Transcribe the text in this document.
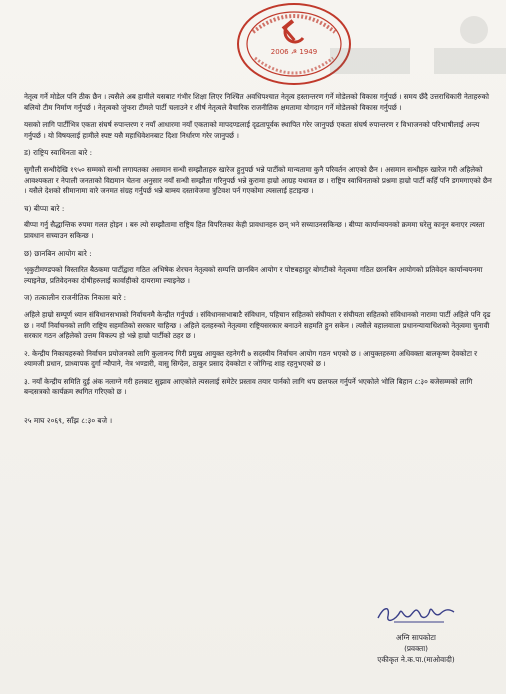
2006 ☭ 1949

नेतृत्व गर्ने मोडेल पनि ठीक छैन । त्यसैले अब हामीले यसबाट गंभीर शिक्षा लिएर निश्चित अवधिपश्चात नेतृत्व हस्तान्तरण गर्ने मोडेलको विकास गर्नुपर्छ । समय छँदै उत्तराधिकारी नेताहरुको बलियो टीम निर्माण गर्नुपर्छ । नेतृत्वको जुंफरा टीमले पार्टी चलाउने र शीर्ष नेतृत्वले वैचारिक राजनीतिक क्षमतामा योगदान गर्ने मोडेलको विकास गर्नुपर्छ ।

यसको लागि पार्टीभित्र एकता संघर्ष रुपान्तरण र नयाँ आधारमा नयाँ एकताको मापदण्डलाई दृढतापूर्वक स्थापित गरेर जानुपर्छ एकता संघर्ष रुपान्तरण र विभाजनको परिभाषीलाई अन्त्य गर्नुपर्छ । यो विषयलाई हामीले स्पष्ट यसै महाधिवेशनबाट दिशा निर्धारण गरेर जानुपर्छ ।

ड) राष्ट्रिय स्वाधिनता बारे :

सुगौली सन्धीदेखि १९५० सम्मको सन्धी लगायतका असमान सन्धी सम्झौताहरु खारेज हुनुपर्छ भन्ने पार्टीको मान्यतामा कुनै परिवर्तन आएको छैन । असमान सन्धीहरु खारेज गरी अहिलेको आवश्यकता र नेपाली जनताको विद्यमान चेतना अनुसार नयाँ सन्धी सम्झौता गरिनुपर्छ भन्ने कुरामा हाम्रो आग्रह यथावत छ । राष्ट्रिय स्वाधिनताको प्रश्नमा हाम्रो पार्टी कहिँ पनि डगमगाएको छैन । यसैले देशको सीमानामा वारे जनमत संग्रह गर्नुपर्छ भन्ने बाम्स्य दस्तावेजमा त्रुटिवश पर्न गएकोमा त्यसलाई हटाइन्छ ।

च) बीप्पा बारे :

बीप्पा गर्नु सैद्धान्तिक रुपमा गलत होइन । बरु त्यो सम्झौतामा राष्ट्रिय हित विपरितका केही प्रावधानहरु छन् भने सच्याउनसकिन्छ । बीप्पा कार्यान्वयनको क्रममा घरेलु कानून बनाएर त्यस्ता प्रावधान सच्याउन सकिन्छ ।

छ) छानबिन आयोग बारे :

भृकुटीमण्डपको विस्तारित बैठकमा पार्टीद्वारा गठित अभिषेक शेरचन नेतृत्वको सम्पत्ति छानबिन आयोग र पोष्टबहादुर बोगटीको नेतृत्वमा गठित छानबिन आयोगको प्रतिवेदन कार्यान्वयनमा ल्याइनेछ, प्रतिवेदनका दोषीहरुलाई कार्वाहीको दायरामा ल्याइनेछ ।

ज) तत्कालीन राजनीतिक निकास बारे :

अहिले हाम्रो सम्पूर्ण ध्यान संविधानसभाको निर्वाचनमै केन्द्रीत गर्नुपर्छ । संविधानसभाबाटै संविधान, पहिचान सहितको संघीयता र संघीयता सहितको संविधानको नारामा पार्टी अहिले पनि दृढ छ । नयाँ निर्वाचनको लागि राष्ट्रिय सहमतिको सरकार चाहिन्छ । अहिले दलहरुको नेतृत्वमा राष्ट्रियसरकार बनाउने सहमति हुन सकेन । त्यसैले वहालवाला प्रधानन्यायाधिशको नेतृत्वमा चुनावी सरकार गठन अहिलेको उत्तम विकल्प हो भन्ने हाम्रो पार्टीको ठहर छ ।

२. केन्द्रीय निकायहरुको निर्वाचन प्रयोजनको लागि कुलानन्द गिरी प्रमुख आयुक्त रहनेगरी ७ सदस्यीय निर्वाचन आयोग गठन भएको छ । आयुक्तहरुमा अधिवक्ता बालकृष्ण देवकोटा र श्यामजी प्रधान, प्राध्यापक दुर्गा न्यौपाने, नेत्र भण्डारी, वासु सिग्देल, ठाकुर प्रसाद देवकोटा र जोगिन्द्र शाह रहनुभएको छ ।

३. नयाँ केन्द्रीय समिति दुई अंक नलाग्ने गरी हलबाट सुझाव आएकोले त्यसलाई समेटेर प्रस्ताव तयार पार्नको लागि थप छलफल गर्नुपर्ने भएकोले भोलि बिहान ८:३० बजेसम्मको लागि बन्दसत्रको कार्यक्रम स्थगित गरिएको छ ।

२५ माघ २०६९, साँझ ८:३० बजे ।
अग्नि सापकोटा
(प्रवक्ता)
एकीकृत ने.क.पा.(माओवादी)
